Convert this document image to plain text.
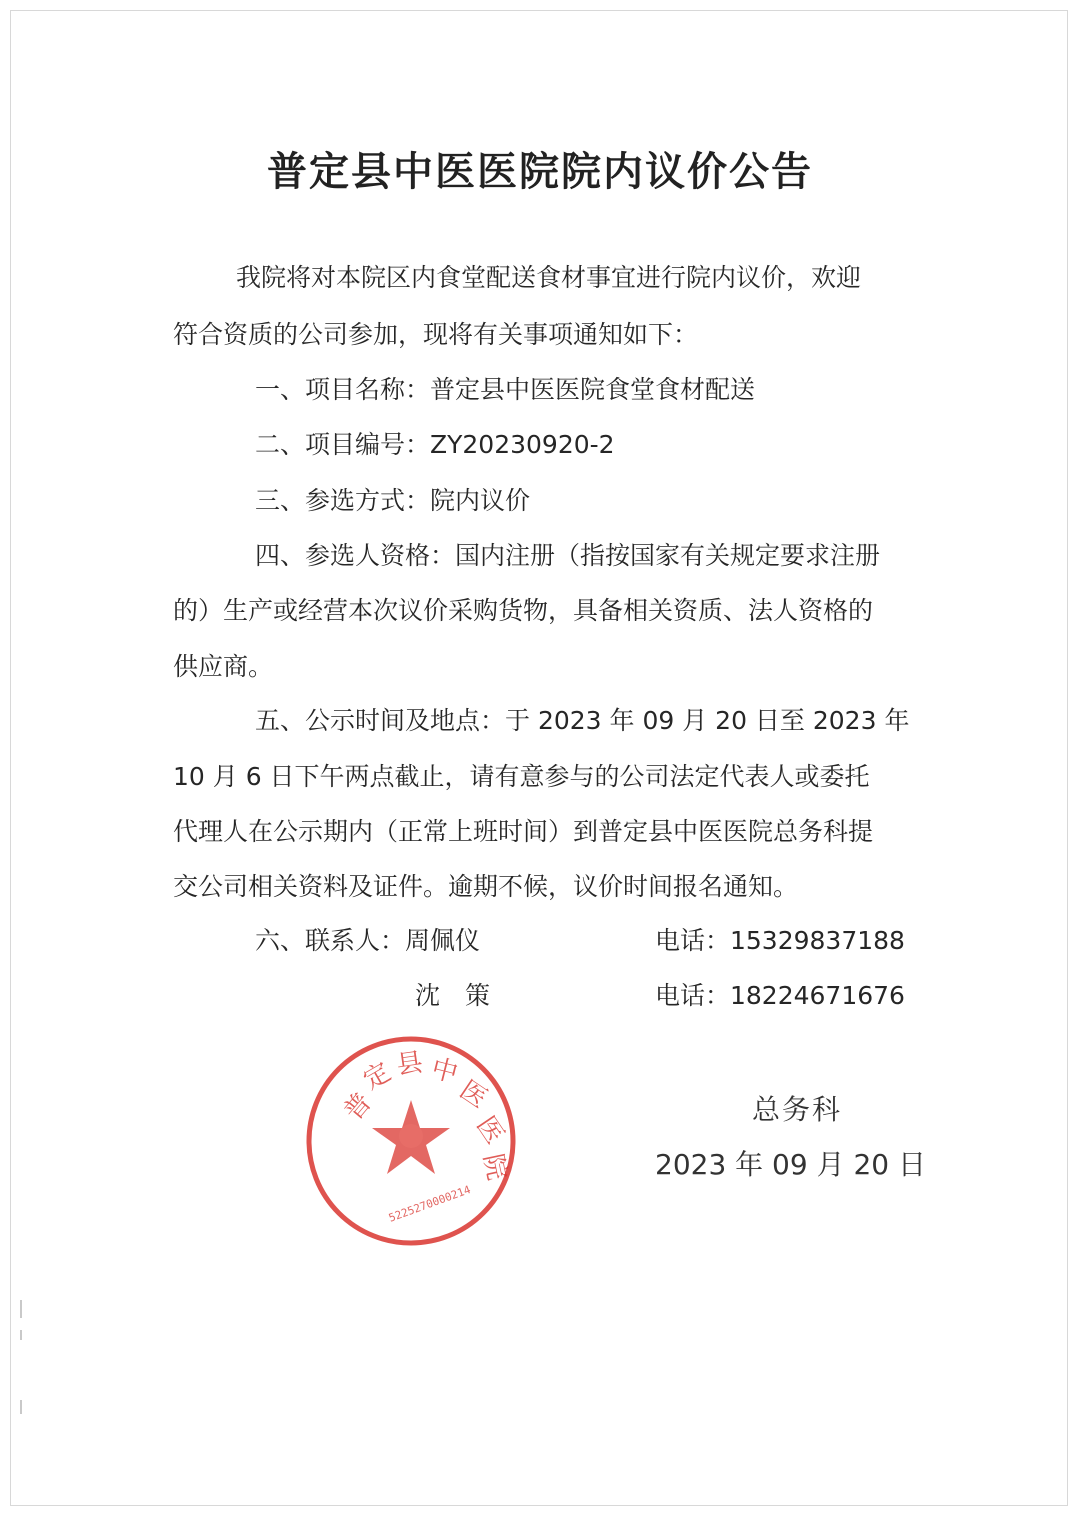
普定县中医医院院内议价公告
我院将对本院区内食堂配送食材事宜进行院内议价，欢迎
符合资质的公司参加，现将有关事项通知如下：
一、项目名称：普定县中医医院食堂食材配送
二、项目编号：ZY20230920-2
三、参选方式：院内议价
四、参选人资格：国内注册（指按国家有关规定要求注册
的）生产或经营本次议价采购货物，具备相关资质、法人资格的
供应商。
五、公示时间及地点：于 2023 年 09 月 20 日至 2023 年
10 月 6 日下午两点截止，请有意参与的公司法定代表人或委托
代理人在公示期内（正常上班时间）到普定县中医医院总务科提
交公司相关资料及证件。逾期不候，议价时间报名通知。
六、联系人：周佩仪	电话：15329837188
沈　策	电话：18224671676
普
定
县 中
医
医
院
5225270000214
总务科
2023 年 09 月 20 日
